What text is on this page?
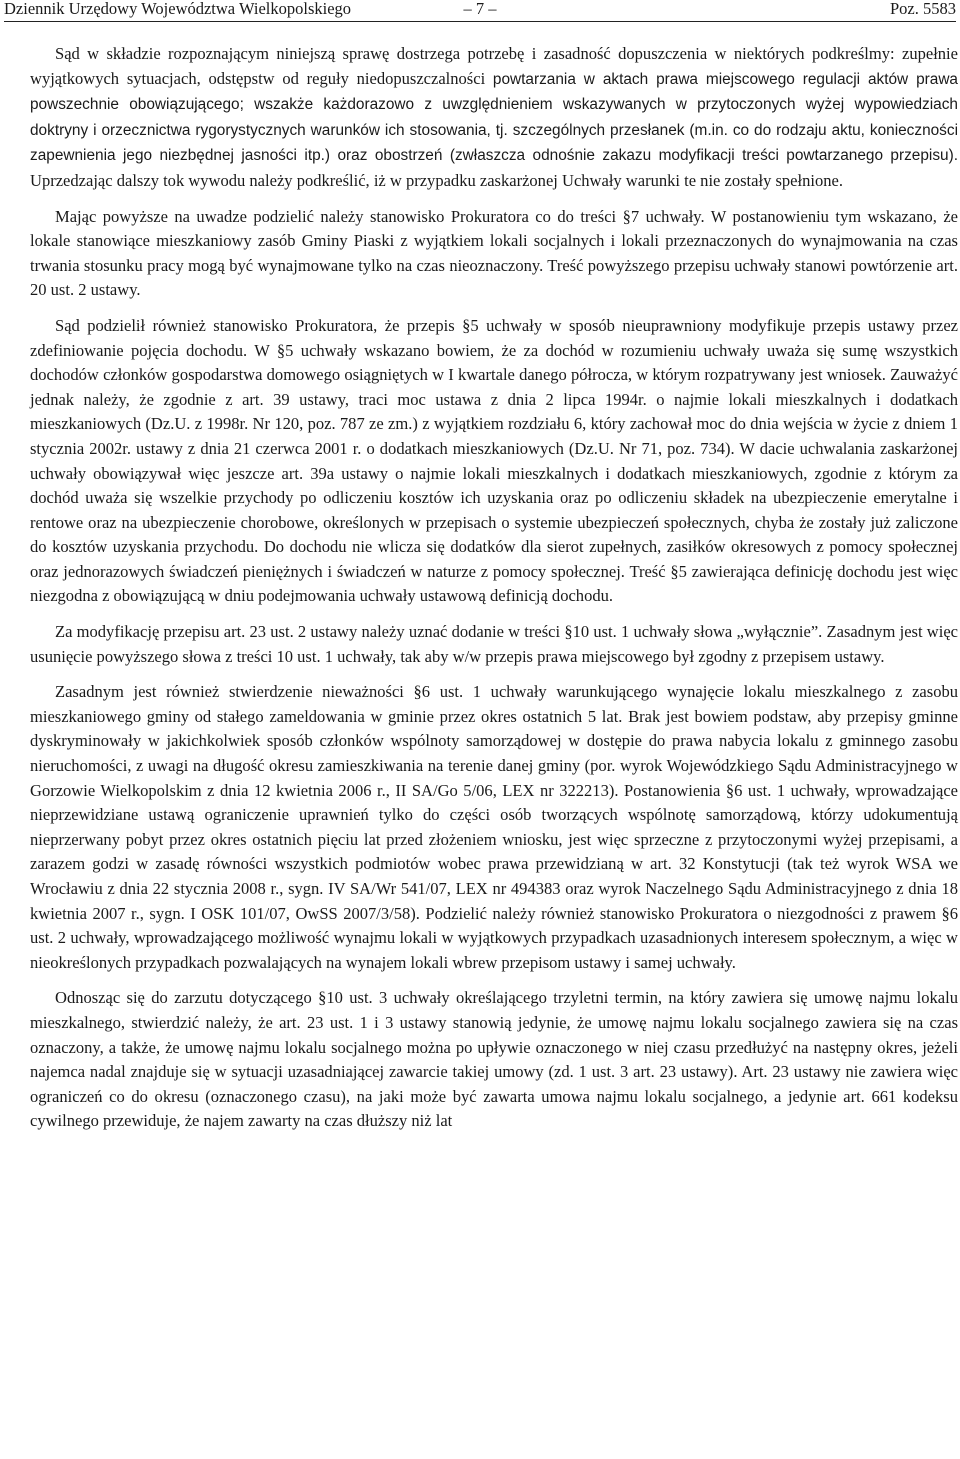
– 7 –
Dziennik Urzędowy Województwa Wielkopolskiego	Poz. 5583

Sąd w składzie rozpoznającym niniejszą sprawę dostrzega potrzebę i zasadność dopuszczenia w niektórych podkreślmy: zupełnie wyjątkowych sytuacjach, odstępstw od reguły niedopuszczalności powtarzania w aktach prawa miejscowego regulacji aktów prawa powszechnie obowiązującego; wszakże każdorazowo z uwzględnieniem wskazywanych w przytoczonych wyżej wypowiedziach doktryny i orzecznictwa rygorystycznych warunków ich stosowania, tj. szczególnych przesłanek (m.in. co do rodzaju aktu, konieczności zapewnienia jego niezbędnej jasności itp.) oraz obostrzeń (zwłaszcza odnośnie zakazu modyfikacji treści powtarzanego przepisu). Uprzedzając dalszy tok wywodu należy podkreślić, iż w przypadku zaskarżonej Uchwały warunki te nie zostały spełnione.

Mając powyższe na uwadze podzielić należy stanowisko Prokuratora co do treści §7 uchwały. W postanowieniu tym wskazano, że lokale stanowiące mieszkaniowy zasób Gminy Piaski z wyjątkiem lokali socjalnych i lokali przeznaczonych do wynajmowania na czas trwania stosunku pracy mogą być wynajmowane tylko na czas nieoznaczony. Treść powyższego przepisu uchwały stanowi powtórzenie art. 20 ust. 2 ustawy.

Sąd podzielił również stanowisko Prokuratora, że przepis §5 uchwały w sposób nieuprawniony modyfikuje przepis ustawy przez zdefiniowanie pojęcia dochodu. W §5 uchwały wskazano bowiem, że za dochód w rozumieniu uchwały uważa się sumę wszystkich dochodów członków gospodarstwa domowego osiągniętych w I kwartale danego półrocza, w którym rozpatrywany jest wniosek. Zauważyć jednak należy, że zgodnie z art. 39 ustawy, traci moc ustawa z dnia 2 lipca 1994r. o najmie lokali mieszkalnych i dodatkach mieszkaniowych (Dz.U. z 1998r. Nr 120, poz. 787 ze zm.) z wyjątkiem rozdziału 6, który zachował moc do dnia wejścia w życie z dniem 1 stycznia 2002r. ustawy z dnia 21 czerwca 2001 r. o dodatkach mieszkaniowych (Dz.U. Nr 71, poz. 734). W dacie uchwalania zaskarżonej uchwały obowiązywał więc jeszcze art. 39a ustawy o najmie lokali mieszkalnych i dodatkach mieszkaniowych, zgodnie z którym za dochód uważa się wszelkie przychody po odliczeniu kosztów ich uzyskania oraz po odliczeniu składek na ubezpieczenie emerytalne i rentowe oraz na ubezpieczenie chorobowe, określonych w przepisach o systemie ubezpieczeń społecznych, chyba że zostały już zaliczone do kosztów uzyskania przychodu. Do dochodu nie wlicza się dodatków dla sierot zupełnych, zasiłków okresowych z pomocy społecznej oraz jednorazowych świadczeń pieniężnych i świadczeń w naturze z pomocy społecznej. Treść §5 zawierająca definicję dochodu jest więc niezgodna z obowiązującą w dniu podejmowania uchwały ustawową definicją dochodu.

Za modyfikację przepisu art. 23 ust. 2 ustawy należy uznać dodanie w treści §10 ust. 1 uchwały słowa „wyłącznie”. Zasadnym jest więc usunięcie powyższego słowa z treści 10 ust. 1 uchwały, tak aby w/w przepis prawa miejscowego był zgodny z przepisem ustawy.

Zasadnym jest również stwierdzenie nieważności §6 ust. 1 uchwały warunkującego wynajęcie lokalu mieszkalnego z zasobu mieszkaniowego gminy od stałego zameldowania w gminie przez okres ostatnich 5 lat. Brak jest bowiem podstaw, aby przepisy gminne dyskryminowały w jakichkolwiek sposób członków wspólnoty samorządowej w dostępie do prawa nabycia lokalu z gminnego zasobu nieruchomości, z uwagi na długość okresu zamieszkiwania na terenie danej gminy (por. wyrok Wojewódzkiego Sądu Administracyjnego w Gorzowie Wielkopolskim z dnia 12 kwietnia 2006 r., II SA/Go 5/06, LEX nr 322213). Postanowienia §6 ust. 1 uchwały, wprowadzające nieprzewidziane ustawą ograniczenie uprawnień tylko do części osób tworzących wspólnotę samorządową, którzy udokumentują nieprzerwany pobyt przez okres ostatnich pięciu lat przed złożeniem wniosku, jest więc sprzeczne z przytoczonymi wyżej przepisami, a zarazem godzi w zasadę równości wszystkich podmiotów wobec prawa przewidzianą w art. 32 Konstytucji (tak też wyrok WSA we Wrocławiu z dnia 22 stycznia 2008 r., sygn. IV SA/Wr 541/07, LEX nr 494383 oraz wyrok Naczelnego Sądu Administracyjnego z dnia 18 kwietnia 2007 r., sygn. I OSK 101/07, OwSS 2007/3/58). Podzielić należy również stanowisko Prokuratora o niezgodności z prawem §6 ust. 2 uchwały, wprowadzającego możliwość wynajmu lokali w wyjątkowych przypadkach uzasadnionych interesem społecznym, a więc w nieokreślonych przypadkach pozwalających na wynajem lokali wbrew przepisom ustawy i samej uchwały.

Odnosząc się do zarzutu dotyczącego §10 ust. 3 uchwały określającego trzyletni termin, na który zawiera się umowę najmu lokalu mieszkalnego, stwierdzić należy, że art. 23 ust. 1 i 3 ustawy stanowią jedynie, że umowę najmu lokalu socjalnego zawiera się na czas oznaczony, a także, że umowę najmu lokalu socjalnego można po upływie oznaczonego w niej czasu przedłużyć na następny okres, jeżeli najemca nadal znajduje się w sytuacji uzasadniającej zawarcie takiej umowy (zd. 1 ust. 3 art. 23 ustawy). Art. 23 ustawy nie zawiera więc ograniczeń co do okresu (oznaczonego czasu), na jaki może być zawarta umowa najmu lokalu socjalnego, a jedynie art. 661 kodeksu cywilnego przewiduje, że najem zawarty na czas dłuższy niż lat
